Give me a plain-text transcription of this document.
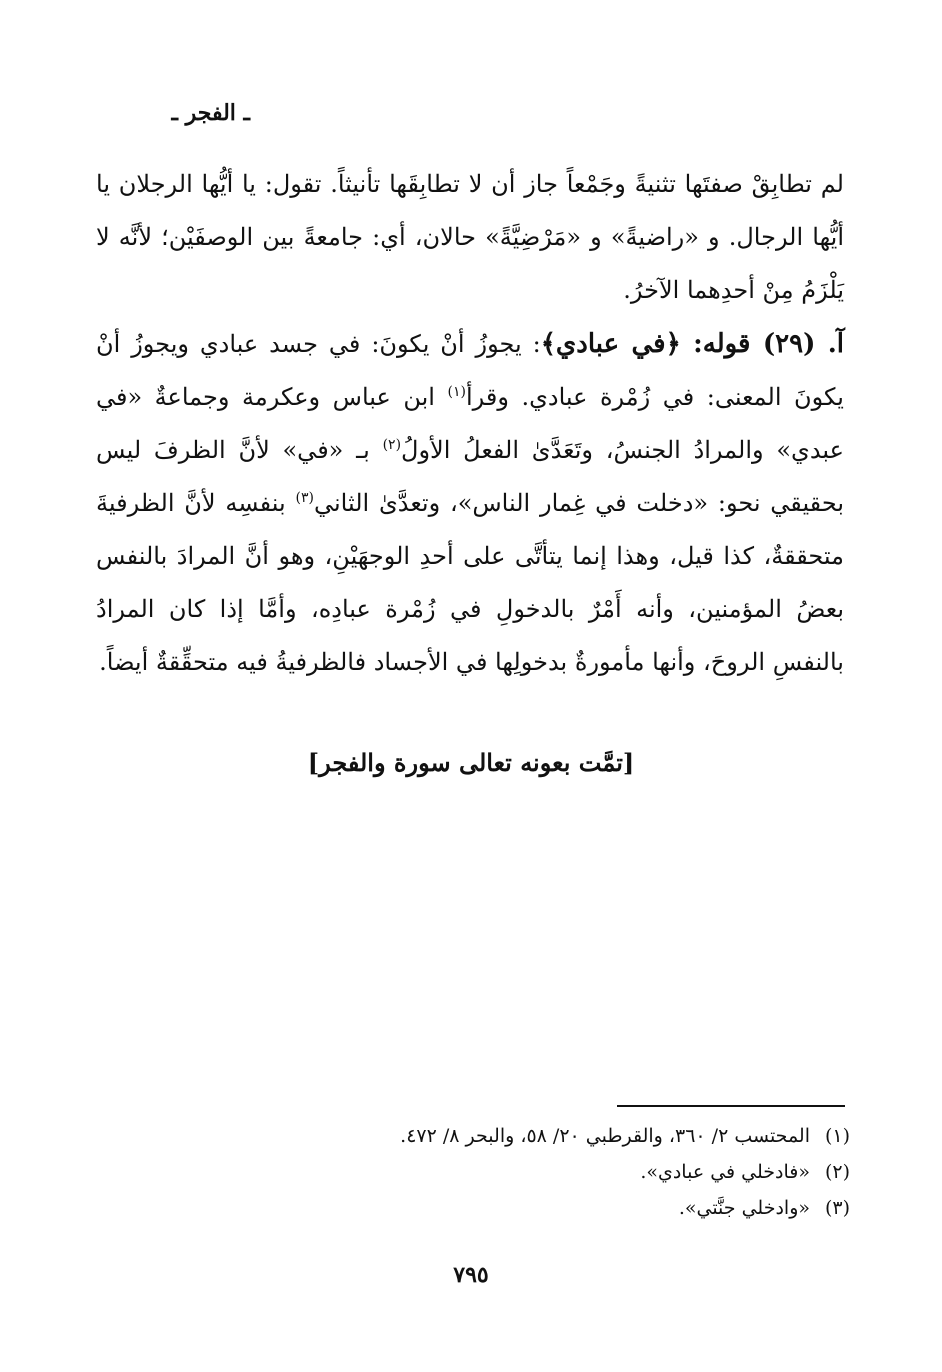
ـ الفجر ـ

لم تطابِقْ صفتَها تثنيةً وجَمْعاً جاز أن لا تطابِقَها تأنيثاً. تقول: يا أيُّها الرجلان يا أيُّها الرجال. و «راضيةً» و «مَرْضِيَّةً» حالان، أي: جامعةً بين الوصفَيْن؛ لأنَّه لا يَلْزَمُ مِنْ أحدِهما الآخرُ.

آ. (٢٩) قوله: ﴿في عبادي﴾: يجوزُ أنْ يكونَ: في جسد عبادي ويجوزُ أنْ يكونَ المعنى: في زُمْرة عبادي. وقرأ$^{(١)}$ ابن عباس وعكرمة وجماعةٌ «في عبدي» والمرادُ الجنسُ، وتَعَدَّىٰ الفعلُ الأولُ$^{(٢)}$ بـ «في» لأنَّ الظرفَ ليس بحقيقي نحو: «دخلت في غِمار الناس»، وتعدَّىٰ الثاني$^{(٣)}$ بنفسِه لأنَّ الظرفيةَ متحققةٌ، كذا قيل، وهذا إنما يتأتَّى على أحدِ الوجهَيْنِ، وهو أنَّ المرادَ بالنفس بعضُ المؤمنين، وأنه أَمْرٌ بالدخولِ في زُمْرة عبادِه، وأمَّا إذا كان المرادُ بالنفسِ الروحَ، وأنها مأمورةٌ بدخولِها في الأجساد فالظرفيةُ فيه متحقِّقةٌ أيضاً.

[تمَّت بعونه تعالى سورة والفجر]
(١)
المحتسب ٢/ ٣٦٠، والقرطبي ٢٠/ ٥٨، والبحر ٨/ ٤٧٢.
(٢)
«فادخلي في عبادي».
(٣)
«وادخلي جنَّتي».
٧٩٥
